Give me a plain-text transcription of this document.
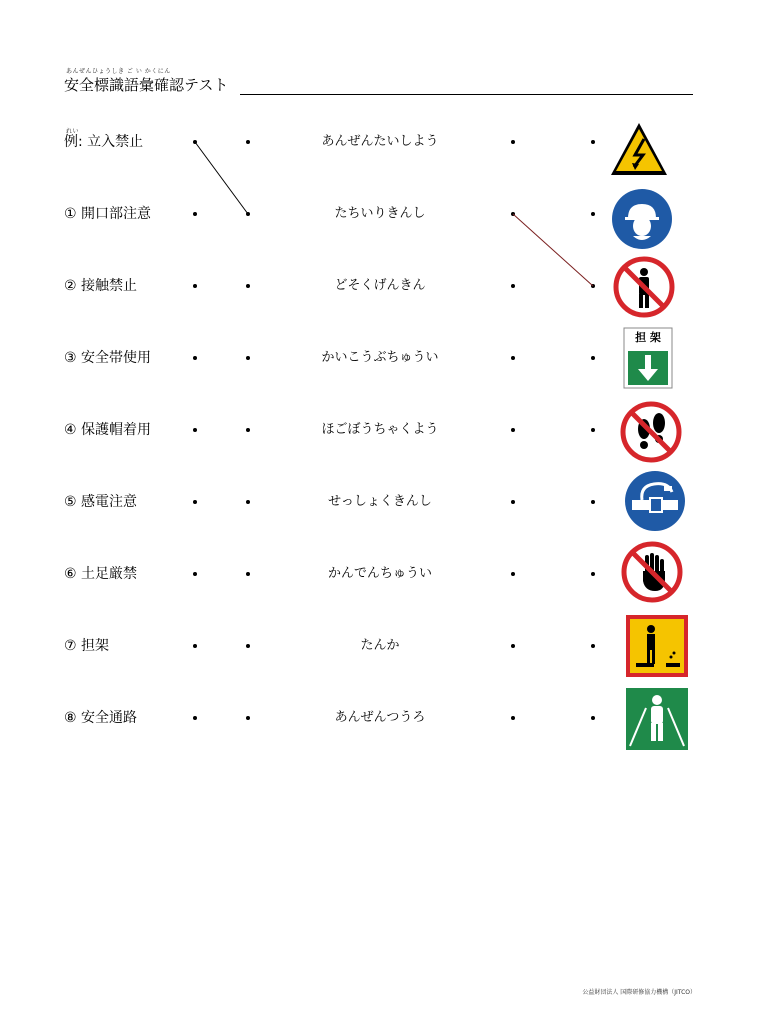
あんぜんひょうしき ご い かくにん
安全標識語彙確認テスト
れい
例: 立入禁止	あんぜんたいしよう
① 開口部注意	たちいりきんし
② 接触禁止	どそくげんきん
③ 安全帯使用	かいこうぶちゅうい
④ 保護帽着用	ほごぼうちゃくよう
⑤ 感電注意	せっしょくきんし
⑥ 土足厳禁	かんでんちゅうい
⑦ 担架	たんか
⑧ 安全通路	あんぜんつうろ
担 架
公益財団法人 国際研修協力機構（JITCO）
